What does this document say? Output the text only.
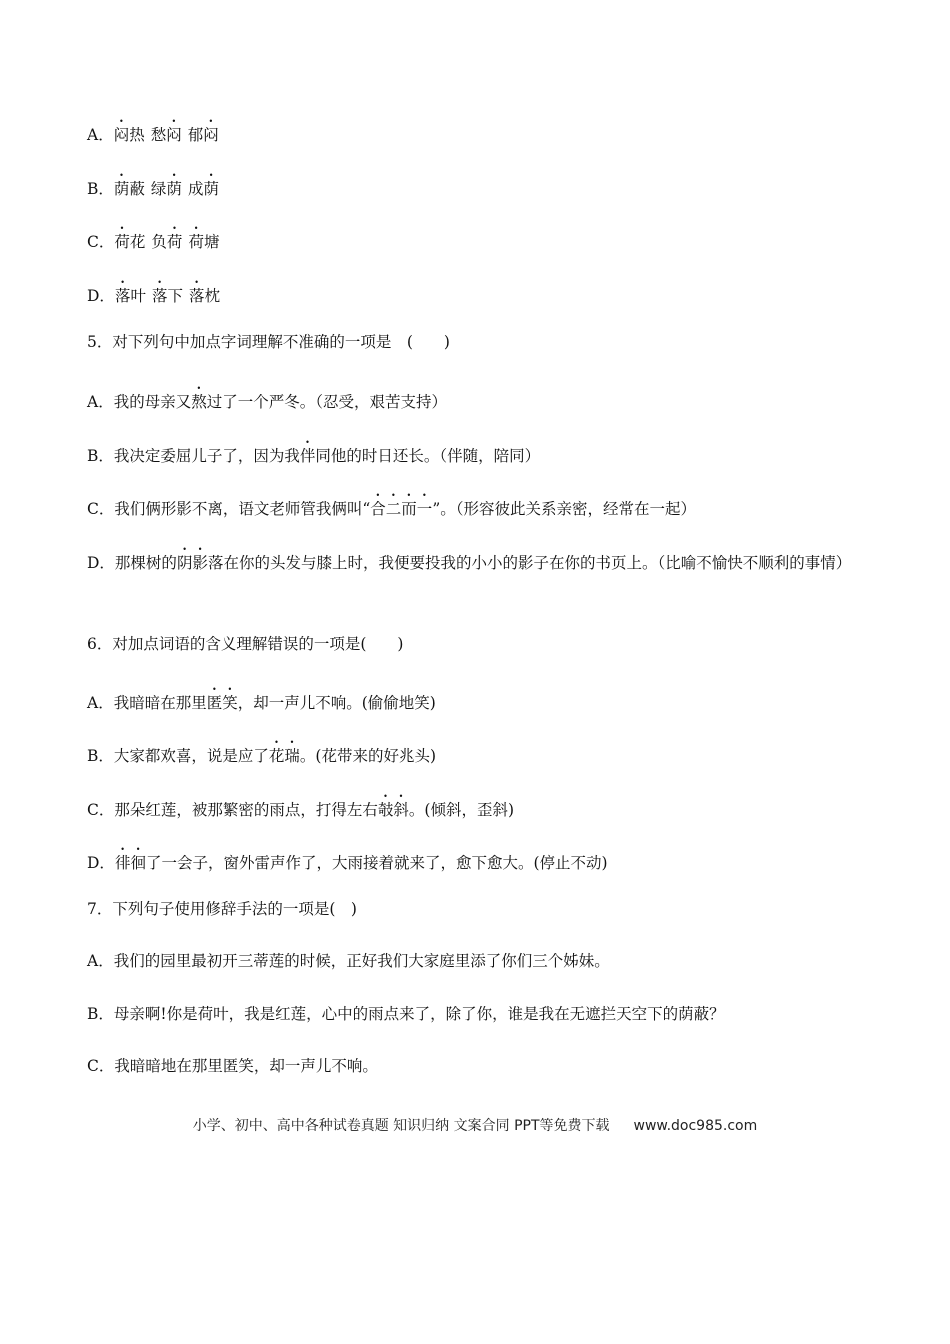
A．闷热 愁闷 郁闷
B．荫蔽 绿荫 成荫
C．荷花 负荷 荷塘
D．落叶 落下 落枕
5．对下列句中加点字词理解不准确的一项是　(　　)
A．我的母亲又熬过了一个严冬。（忍受，艰苦支持）
B．我决定委屈儿子了，因为我伴同他的时日还长。（伴随，陪同）
C．我们俩形影不离，语文老师管我俩叫“合二而一”。（形容彼此关系亲密，经常在一起）
D．那棵树的阴影落在你的头发与膝上时，我便要投我的小小的影子在你的书页上。（比喻不愉快不顺利的事情）
6．对加点词语的含义理解错误的一项是(　　)
A．我暗暗在那里匿笑，却一声儿不响。(偷偷地笑)
B．大家都欢喜，说是应了花瑞。(花带来的好兆头)
C．那朵红莲，被那繁密的雨点，打得左右攲斜。(倾斜，歪斜)
D．徘徊了一会子，窗外雷声作了，大雨接着就来了，愈下愈大。(停止不动)
7．下列句子使用修辞手法的一项是(　)
A．我们的园里最初开三蒂莲的时候，正好我们大家庭里添了你们三个姊妹。
B．母亲啊!你是荷叶，我是红莲，心中的雨点来了，除了你，谁是我在无遮拦天空下的荫蔽？
C．我暗暗地在那里匿笑，却一声儿不响。
小学、初中、高中各种试卷真题 知识归纳 文案合同 PPT等免费下载 www.doc985.com
